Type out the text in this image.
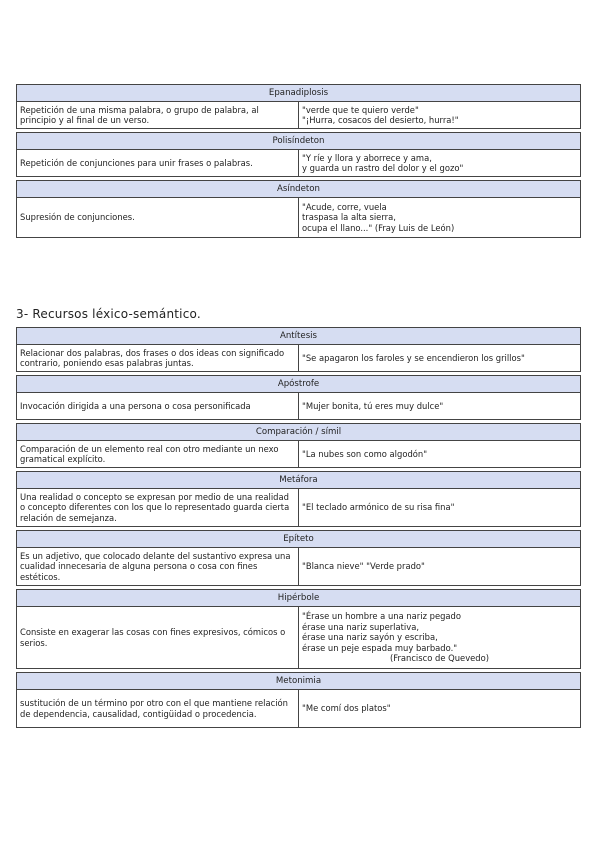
Epanadiplosis	
Repetición de una misma palabra, o grupo de palabra, al principio y al final de un verso.	"verde que te quiero verde"
"¡Hurra, cosacos del desierto, hurra!"

Polisíndeton	
Repetición de conjunciones para unir frases o palabras.	"Y ríe y llora y aborrece y ama,
y guarda un rastro del dolor y el gozo"

Asíndeton	
Supresión de conjunciones.	"Acude, corre, vuela
traspasa la alta sierra,
ocupa el llano..." (Fray Luis de León)
3- Recursos léxico-semántico.
Antítesis	
Relacionar dos palabras, dos frases o dos ideas con significado contrario, poniendo esas palabras juntas.	"Se apagaron los faroles y se encendieron los grillos"

Apóstrofe	
Invocación dirigida a una persona o cosa personificada	"Mujer bonita, tú eres muy dulce"

Comparación / símil	
Comparación de un elemento real con otro mediante un nexo gramatical explícito.	"La nubes son como algodón"

Metáfora	
Una realidad o concepto se expresan por medio de una realidad o concepto diferentes con los que lo representado guarda cierta relación de semejanza.	"El teclado armónico de su risa fina"

Epíteto	
Es un adjetivo, que colocado delante del sustantivo expresa una cualidad innecesaria de alguna persona o cosa con fines estéticos.	"Blanca nieve" "Verde prado"

Hipérbole	
Consiste en exagerar las cosas con fines expresivos, cómicos o serios.	"Érase un hombre a una nariz pegado
érase una nariz superlativa,
érase una nariz sayón y escriba,
érase un peje espada muy barbado."
(Francisco de Quevedo)

Metonimia	
sustitución de un término por otro con el que mantiene relación de dependencia, causalidad, contigüidad o procedencia.	"Me comí dos platos"
